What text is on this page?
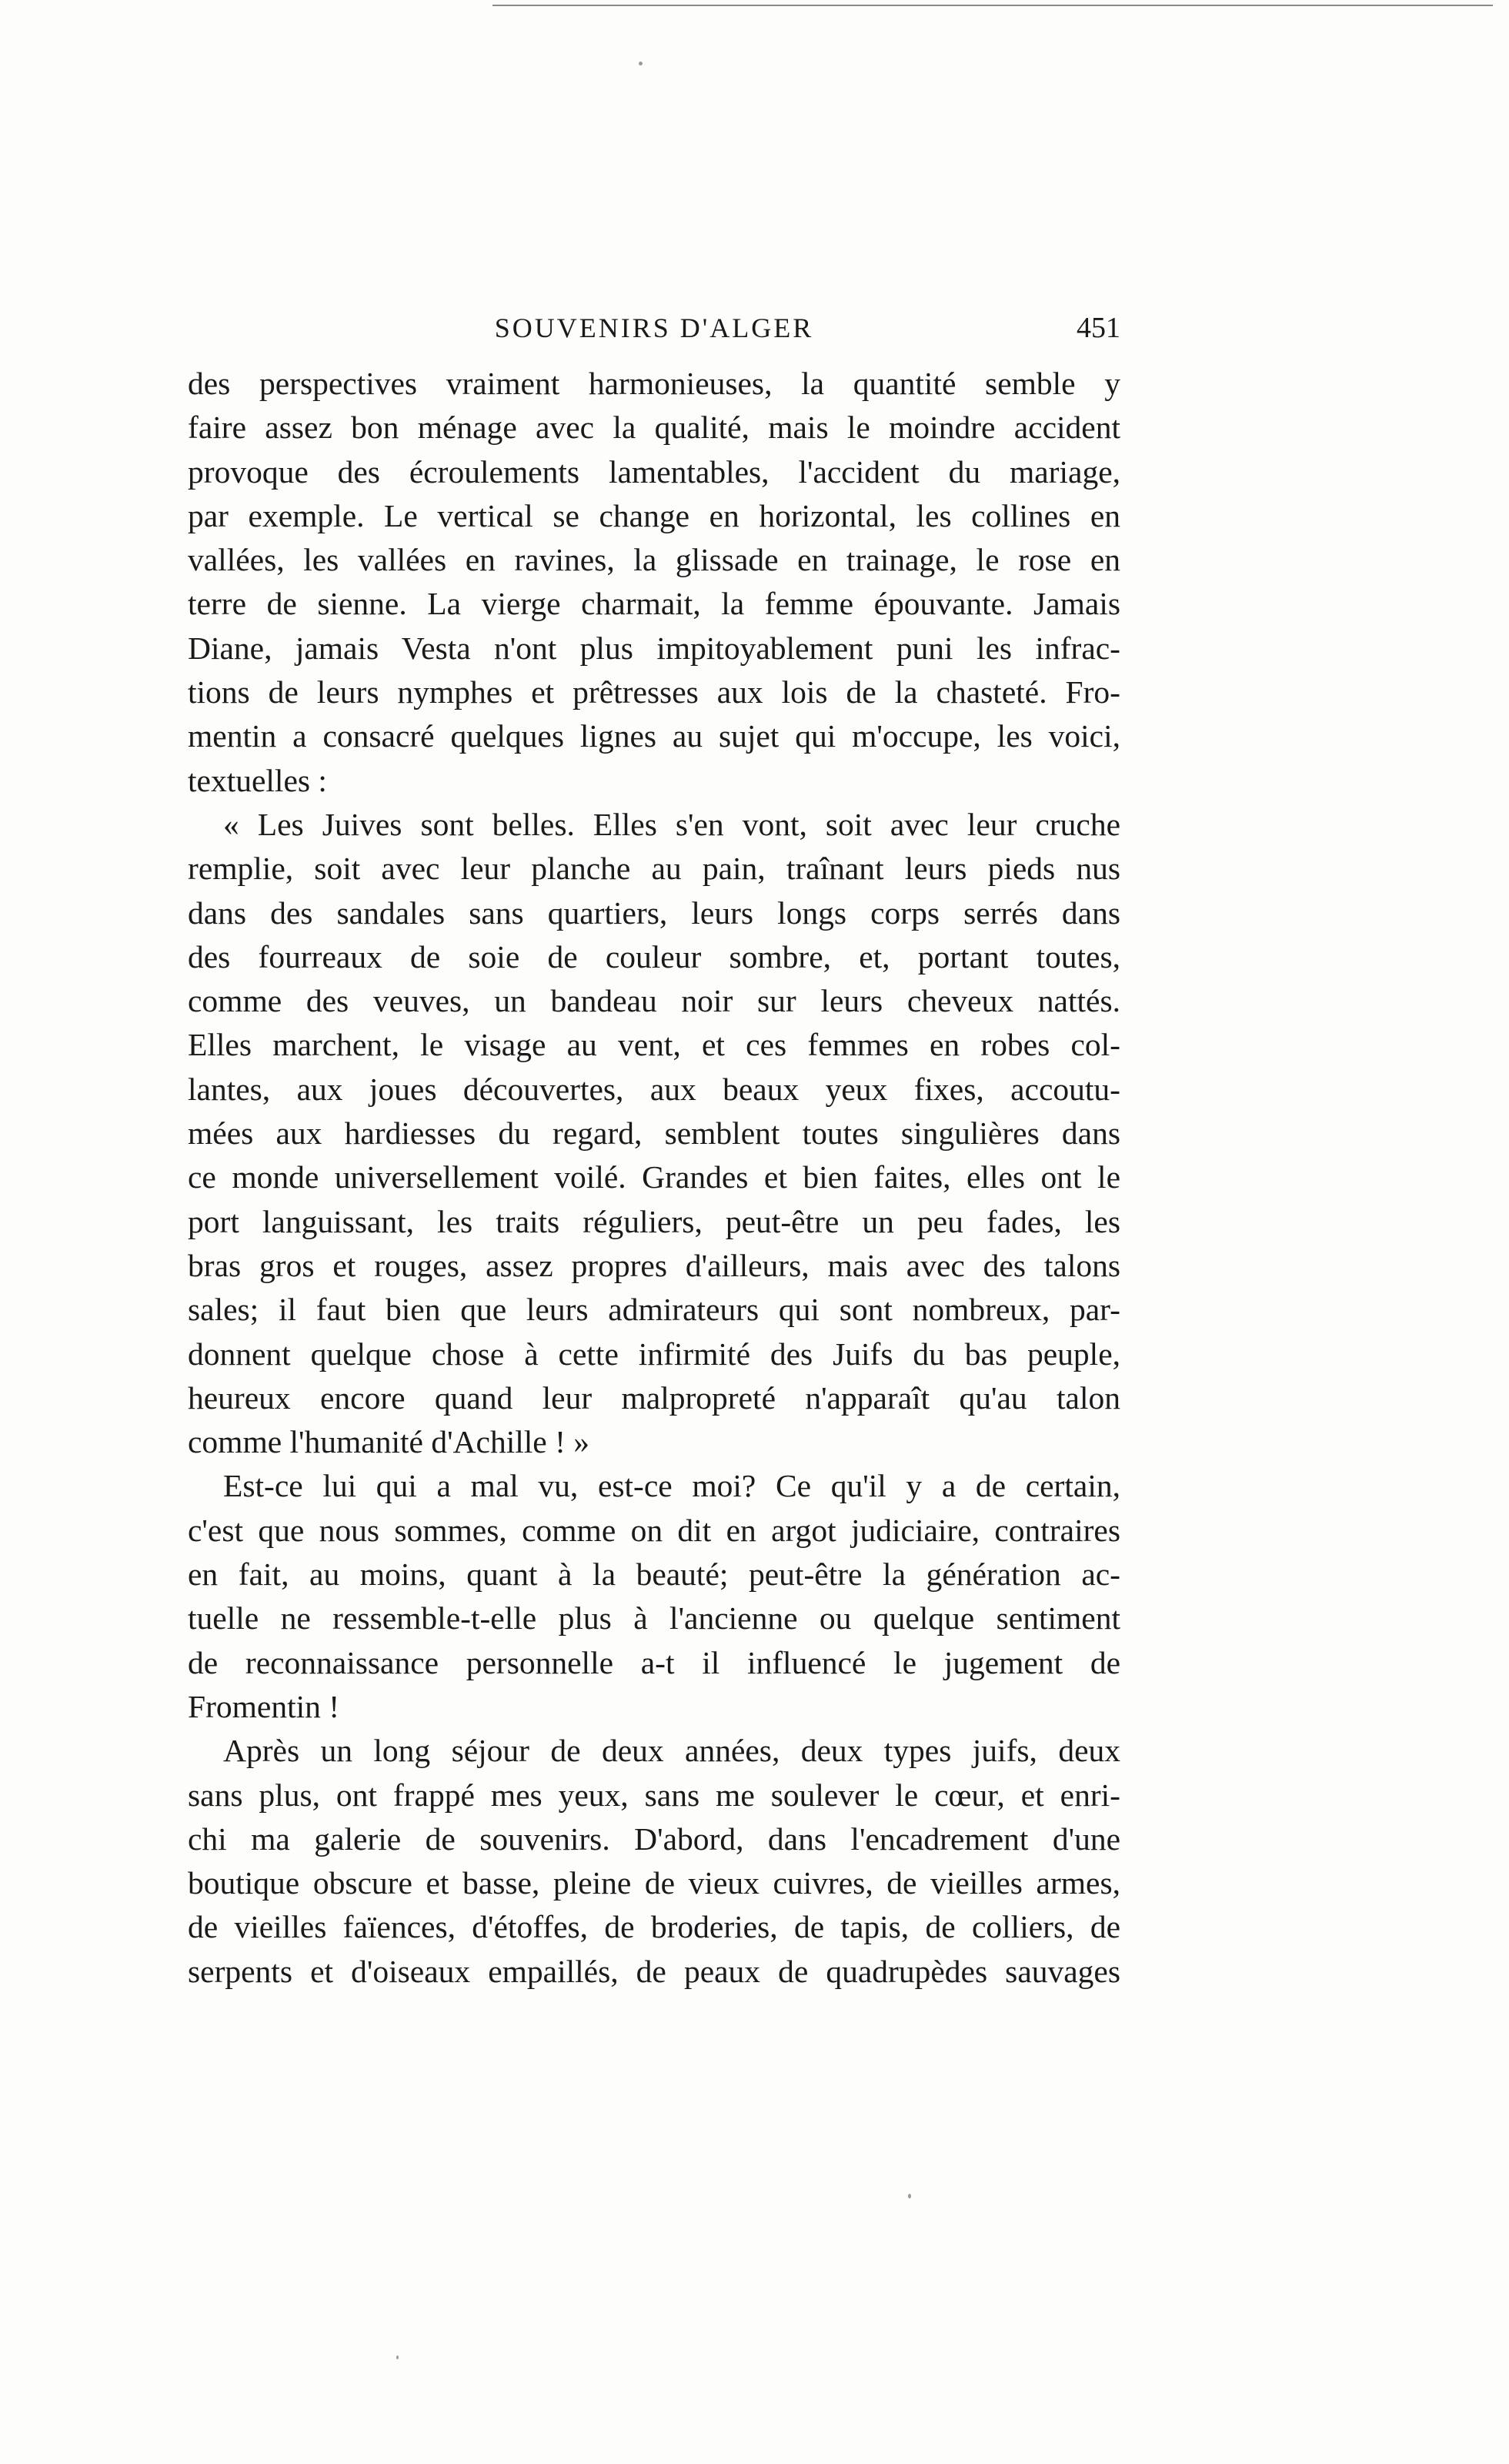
SOUVENIRS D'ALGER	451
des perspectives vraiment harmonieuses, la quantité semble y
faire assez bon ménage avec la qualité, mais le moindre accident
provoque des écroulements lamentables, l'accident du mariage,
par exemple. Le vertical se change en horizontal, les collines en
vallées, les vallées en ravines, la glissade en trainage, le rose en
terre de sienne. La vierge charmait, la femme épouvante. Jamais
Diane, jamais Vesta n'ont plus impitoyablement puni les infrac-
tions de leurs nymphes et prêtresses aux lois de la chasteté. Fro-
mentin a consacré quelques lignes au sujet qui m'occupe, les voici,
textuelles :
« Les Juives sont belles. Elles s'en vont, soit avec leur cruche
remplie, soit avec leur planche au pain, traînant leurs pieds nus
dans des sandales sans quartiers, leurs longs corps serrés dans
des fourreaux de soie de couleur sombre, et, portant toutes,
comme des veuves, un bandeau noir sur leurs cheveux nattés.
Elles marchent, le visage au vent, et ces femmes en robes col-
lantes, aux joues découvertes, aux beaux yeux fixes, accoutu-
mées aux hardiesses du regard, semblent toutes singulières dans
ce monde universellement voilé. Grandes et bien faites, elles ont le
port languissant, les traits réguliers, peut-être un peu fades, les
bras gros et rouges, assez propres d'ailleurs, mais avec des talons
sales; il faut bien que leurs admirateurs qui sont nombreux, par-
donnent quelque chose à cette infirmité des Juifs du bas peuple,
heureux encore quand leur malpropreté n'apparaît qu'au talon
comme l'humanité d'Achille ! »
Est-ce lui qui a mal vu, est-ce moi? Ce qu'il y a de certain,
c'est que nous sommes, comme on dit en argot judiciaire, contraires
en fait, au moins, quant à la beauté; peut-être la génération ac-
tuelle ne ressemble-t-elle plus à l'ancienne ou quelque sentiment
de reconnaissance personnelle a-t il influencé le jugement de
Fromentin !
Après un long séjour de deux années, deux types juifs, deux
sans plus, ont frappé mes yeux, sans me soulever le cœur, et enri-
chi ma galerie de souvenirs. D'abord, dans l'encadrement d'une
boutique obscure et basse, pleine de vieux cuivres, de vieilles armes,
de vieilles faïences, d'étoffes, de broderies, de tapis, de colliers, de
serpents et d'oiseaux empaillés, de peaux de quadrupèdes sauvages
